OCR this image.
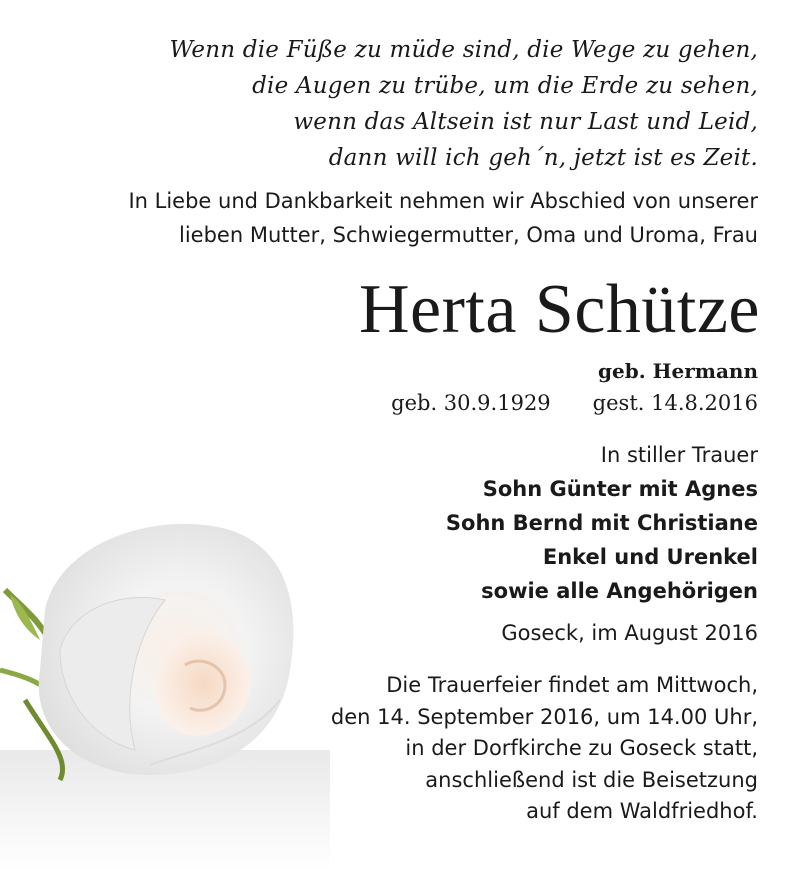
Wenn die Füße zu müde sind, die Wege zu gehen,
die Augen zu trübe, um die Erde zu sehen,
wenn das Altsein ist nur Last und Leid,
dann will ich geh´n, jetzt ist es Zeit.
In Liebe und Dankbarkeit nehmen wir Abschied von unserer
lieben Mutter, Schwiegermutter, Oma und Uroma, Frau
Herta Schütze
geb. Hermann
geb. 30.9.1929 gest. 14.8.2016
In stiller Trauer
Sohn Günter mit Agnes
Sohn Bernd mit Christiane
Enkel und Urenkel
sowie alle Angehörigen
Goseck, im August 2016
Die Trauerfeier findet am Mittwoch,
den 14. September 2016, um 14.00 Uhr,
in der Dorfkirche zu Goseck statt,
anschließend ist die Beisetzung
auf dem Waldfriedhof.
